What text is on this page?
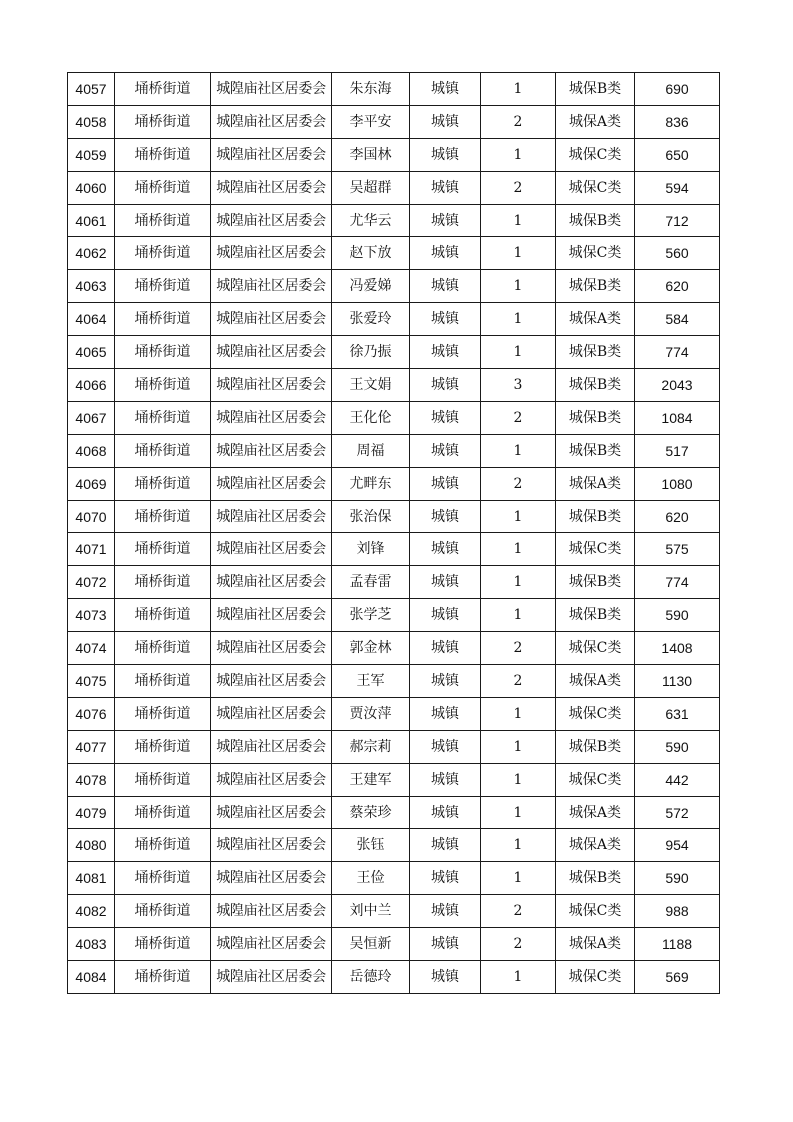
4057	埇桥街道	城隍庙社区居委会	朱东海	城镇	1	城保B类	690
4058	埇桥街道	城隍庙社区居委会	李平安	城镇	2	城保A类	836
4059	埇桥街道	城隍庙社区居委会	李国林	城镇	1	城保C类	650
4060	埇桥街道	城隍庙社区居委会	吴超群	城镇	2	城保C类	594
4061	埇桥街道	城隍庙社区居委会	尤华云	城镇	1	城保B类	712
4062	埇桥街道	城隍庙社区居委会	赵下放	城镇	1	城保C类	560
4063	埇桥街道	城隍庙社区居委会	冯爱娣	城镇	1	城保B类	620
4064	埇桥街道	城隍庙社区居委会	张爱玲	城镇	1	城保A类	584
4065	埇桥街道	城隍庙社区居委会	徐乃振	城镇	1	城保B类	774
4066	埇桥街道	城隍庙社区居委会	王文娟	城镇	3	城保B类	2043
4067	埇桥街道	城隍庙社区居委会	王化伦	城镇	2	城保B类	1084
4068	埇桥街道	城隍庙社区居委会	周福	城镇	1	城保B类	517
4069	埇桥街道	城隍庙社区居委会	尤畔东	城镇	2	城保A类	1080
4070	埇桥街道	城隍庙社区居委会	张治保	城镇	1	城保B类	620
4071	埇桥街道	城隍庙社区居委会	刘锋	城镇	1	城保C类	575
4072	埇桥街道	城隍庙社区居委会	孟春雷	城镇	1	城保B类	774
4073	埇桥街道	城隍庙社区居委会	张学芝	城镇	1	城保B类	590
4074	埇桥街道	城隍庙社区居委会	郭金林	城镇	2	城保C类	1408
4075	埇桥街道	城隍庙社区居委会	王军	城镇	2	城保A类	1130
4076	埇桥街道	城隍庙社区居委会	贾汝萍	城镇	1	城保C类	631
4077	埇桥街道	城隍庙社区居委会	郝宗莉	城镇	1	城保B类	590
4078	埇桥街道	城隍庙社区居委会	王建军	城镇	1	城保C类	442
4079	埇桥街道	城隍庙社区居委会	蔡荣珍	城镇	1	城保A类	572
4080	埇桥街道	城隍庙社区居委会	张钰	城镇	1	城保A类	954
4081	埇桥街道	城隍庙社区居委会	王俭	城镇	1	城保B类	590
4082	埇桥街道	城隍庙社区居委会	刘中兰	城镇	2	城保C类	988
4083	埇桥街道	城隍庙社区居委会	吴恒新	城镇	2	城保A类	1188
4084	埇桥街道	城隍庙社区居委会	岳德玲	城镇	1	城保C类	569
